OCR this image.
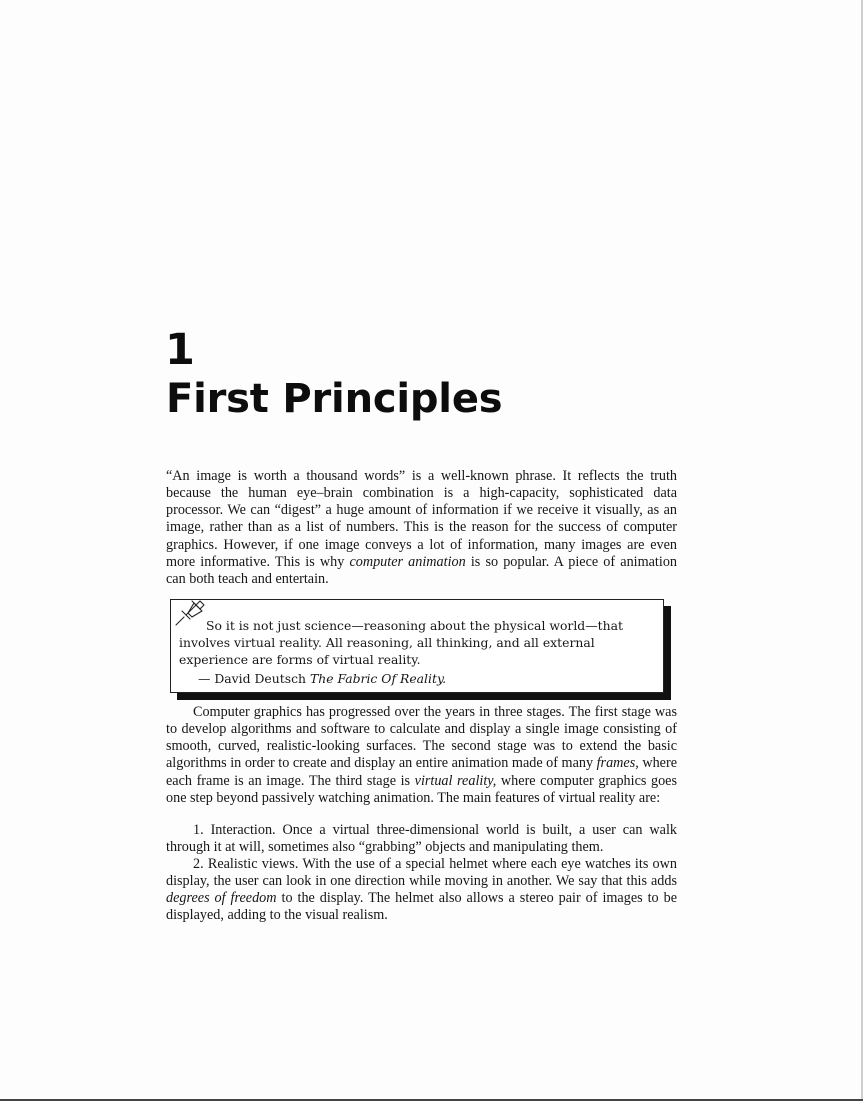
1
First Principles

“An image is worth a thousand words” is a well-known phrase. It reflects the truth because the human eye–brain combination is a high-capacity, sophisticated data processor. We can “digest” a huge amount of information if we receive it visually, as an image, rather than as a list of numbers. This is the reason for the success of computer graphics. However, if one image conveys a lot of information, many images are even more informative. This is why computer animation is so popular. A piece of animation can both teach and entertain.

So it is not just science—reasoning about the physical world—that involves virtual reality. All reasoning, all thinking, and all external experience are forms of virtual reality.

— David Deutsch The Fabric Of Reality.

Computer graphics has progressed over the years in three stages. The first stage was to develop algorithms and software to calculate and display a single image consisting of smooth, curved, realistic-looking surfaces. The second stage was to extend the basic algorithms in order to create and display an entire animation made of many frames, where each frame is an image. The third stage is virtual reality, where computer graphics goes one step beyond passively watching animation. The main features of virtual reality are:

1. Interaction. Once a virtual three-dimensional world is built, a user can walk through it at will, sometimes also “grabbing” objects and manipulating them.

2. Realistic views. With the use of a special helmet where each eye watches its own display, the user can look in one direction while moving in another. We say that this adds degrees of freedom to the display. The helmet also allows a stereo pair of images to be displayed, adding to the visual realism.
